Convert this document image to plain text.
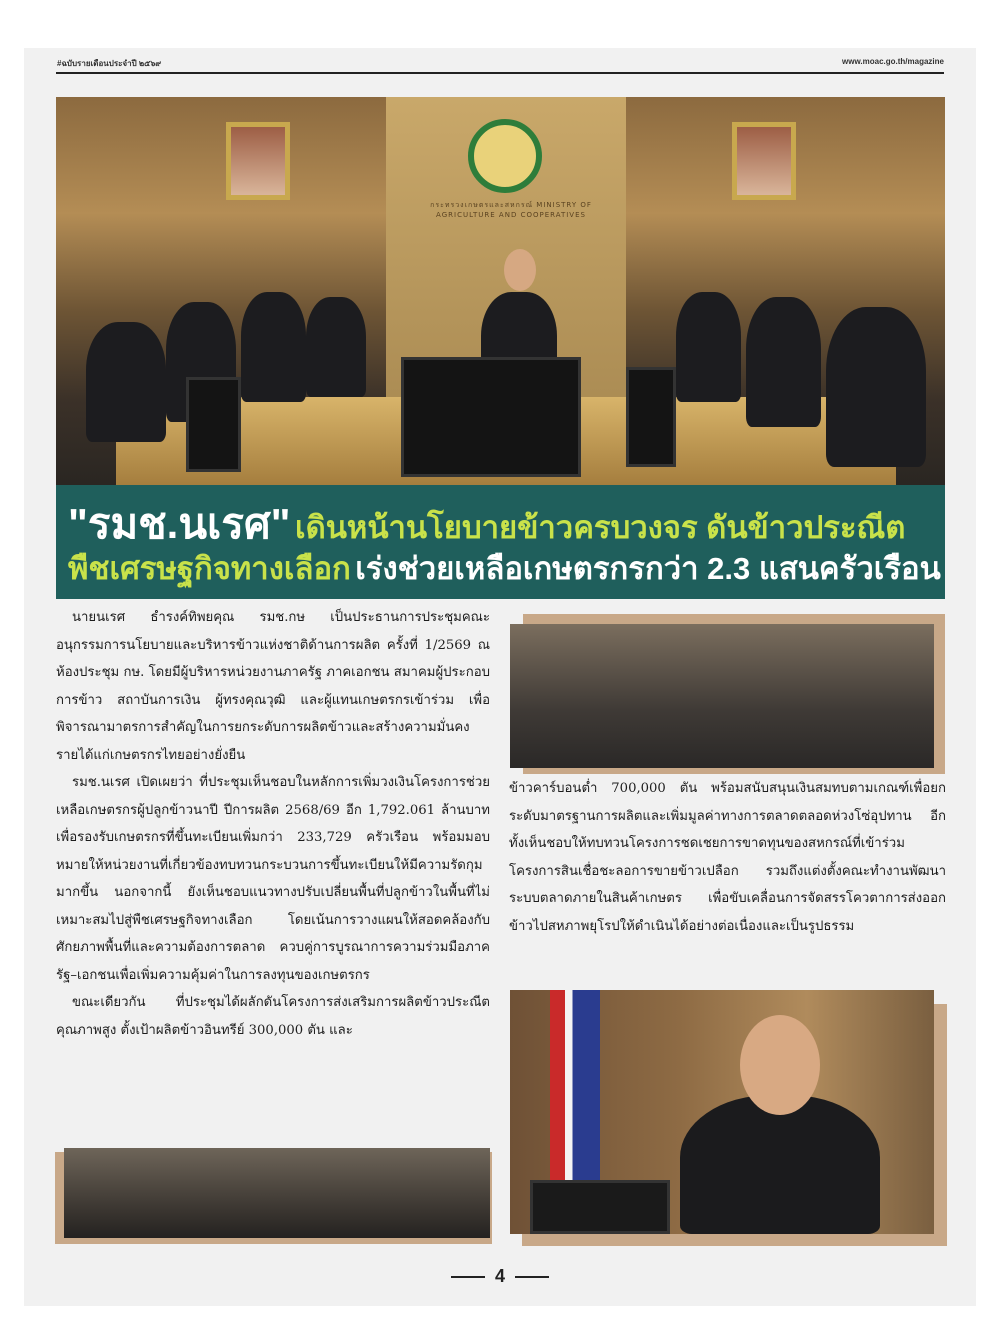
#ฉบับรายเดือนประจำปี ๒๕๖๙	www.moac.go.th/magazine
กระทรวงเกษตรและสหกรณ์ MINISTRY OF AGRICULTURE AND COOPERATIVES
"รมช.นเรศ" เดินหน้านโยบายข้าวครบวงจร ดันข้าวประณีต
พืชเศรษฐกิจทางเลือก เร่งช่วยเหลือเกษตรกรกว่า 2.3 แสนครัวเรือน

นายนเรศ ธำรงค์ทิพยคุณ รมช.กษ เป็นประธานการประชุมคณะอนุกรรมการนโยบายและบริหารข้าวแห่งชาติด้านการผลิต ครั้งที่ 1/2569 ณ ห้องประชุม กษ. โดยมีผู้บริหารหน่วยงานภาครัฐ ภาคเอกชน สมาคมผู้ประกอบการข้าว สถาบันการเงิน ผู้ทรงคุณวุฒิ และผู้แทนเกษตรกรเข้าร่วม เพื่อพิจารณามาตรการสำคัญในการยกระดับการผลิตข้าวและสร้างความมั่นคงรายได้แก่เกษตรกรไทยอย่างยั่งยืน

รมช.นเรศ เปิดเผยว่า ที่ประชุมเห็นชอบในหลักการเพิ่มวงเงินโครงการช่วยเหลือเกษตรกรผู้ปลูกข้าวนาปี ปีการผลิต 2568/69 อีก 1,792.061 ล้านบาท เพื่อรองรับเกษตรกรที่ขึ้นทะเบียนเพิ่มกว่า 233,729 ครัวเรือน พร้อมมอบหมายให้หน่วยงานที่เกี่ยวข้องทบทวนกระบวนการขึ้นทะเบียนให้มีความรัดกุมมากขึ้น นอกจากนี้ ยังเห็นชอบแนวทางปรับเปลี่ยนพื้นที่ปลูกข้าวในพื้นที่ไม่เหมาะสมไปสู่พืชเศรษฐกิจทางเลือก โดยเน้นการวางแผนให้สอดคล้องกับศักยภาพพื้นที่และความต้องการตลาด ควบคู่การบูรณาการความร่วมมือภาครัฐ–เอกชนเพื่อเพิ่มความคุ้มค่าในการลงทุนของเกษตรกร

ขณะเดียวกัน ที่ประชุมได้ผลักดันโครงการส่งเสริมการผลิตข้าวประณีตคุณภาพสูง ตั้งเป้าผลิตข้าวอินทรีย์ 300,000 ตัน และ

ข้าวคาร์บอนต่ำ 700,000 ตัน พร้อมสนับสนุนเงินสมทบตามเกณฑ์เพื่อยกระดับมาตรฐานการผลิตและเพิ่มมูลค่าทางการตลาดตลอดห่วงโซ่อุปทาน อีกทั้งเห็นชอบให้ทบทวนโครงการชดเชยการขาดทุนของสหกรณ์ที่เข้าร่วมโครงการสินเชื่อชะลอการขายข้าวเปลือก รวมถึงแต่งตั้งคณะทำงานพัฒนาระบบตลาดภายในสินค้าเกษตร เพื่อขับเคลื่อนการจัดสรรโควตาการส่งออกข้าวไปสหภาพยุโรปให้ดำเนินได้อย่างต่อเนื่องและเป็นรูปธรรม

4
